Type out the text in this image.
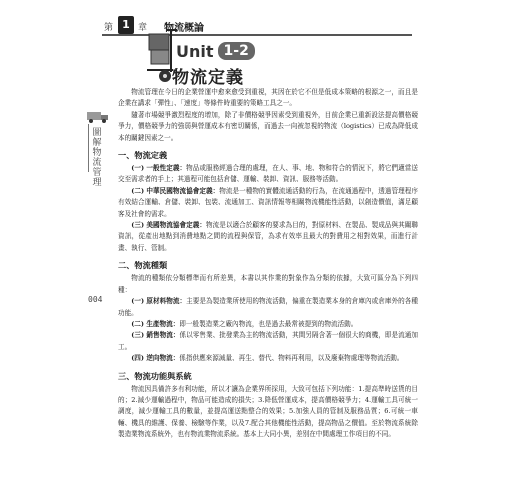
第 1 章 物流概論
Unit 1-2
物流定義
圖解物流管理
004

物流管理在今日的企業營運中愈來愈受到重視，其因在於它不但是低成本策略的根源之一，而且是企業在講求「彈性」、「速度」等條件時重要的策略工具之一。

隨著市場競爭激烈程度的增加，除了非價格競爭因素受到重視外，目前企業已重新設法提高價格競爭力，價格競爭力的強弱與營運成本有密切關係，而過去一向被忽視的物流（logistics）已成為降低成本的關鍵因素之一。

一、物流定義

(一) 一般性定義：物品或服務經過合理的處理，在人、事、地、物和符合的情況下，將它們適當送交至需求者的手上；其過程可能包括倉儲、運輸、裝卸、資訊、服務等活動。

(二) 中華民國物流協會定義：物流是一種物的實體流通活動的行為，在流通過程中，透過管理程序有效結合運輸、倉儲、裝卸、包裝、流通加工、資訊情報等相關物流機能性活動，以創造價值，滿足顧客及社會的需求。

(三) 美國物流協會定義：物流是以適合於顧客的要求為目的，對原材料、在製品、製成品與其關聯資訊，從產出地點到消費地點之間的流程與保管，為求有效率且最大的對費用之相對效果，而進行計畫、執行、管制。

二、物流種類

物流的種類依分類標準而有所差異，本書以其作業的對象作為分類的依據，大致可區分為下列四種：

(一) 原材料物流：主要是為製造業所使用的物流活動，偏重在製造業本身的倉庫內或倉庫外的各種功能。

(二) 生產物流：即一般製造業之廠內物流，也是過去最常被提到的物流活動。

(三) 銷售物流：係以零售業、批發業為主的物流活動，其間另隔含著一個很大的商機，即是流通加工。

(四) 逆向物流：係指供應來源減量、再生、替代、物料再利用，以及廢棄物處理等物流活動。

三、物流功能與系統

物流因具備許多有利功能，所以才讓為企業界所採用，大致可包括下列功能：1.提高準時送貨的目的；2.減少運輸過程中，物品可能造成的損失；3.降低營運成本，提高價格競爭力；4.運輸工具可統一調度，減少運輸工具的數量，並提高運送點整合的效果；5.加強人員的管制及服務品質；6.可統一車輛、機具的維護、保養、檢驗等作業，以及7.配合其他機能性活動，提高物品之價值。至於物流系統除製造業物流系統外，也有物流業物流系統。基本上大同小異，差別在中間處理工作項目的不同。
